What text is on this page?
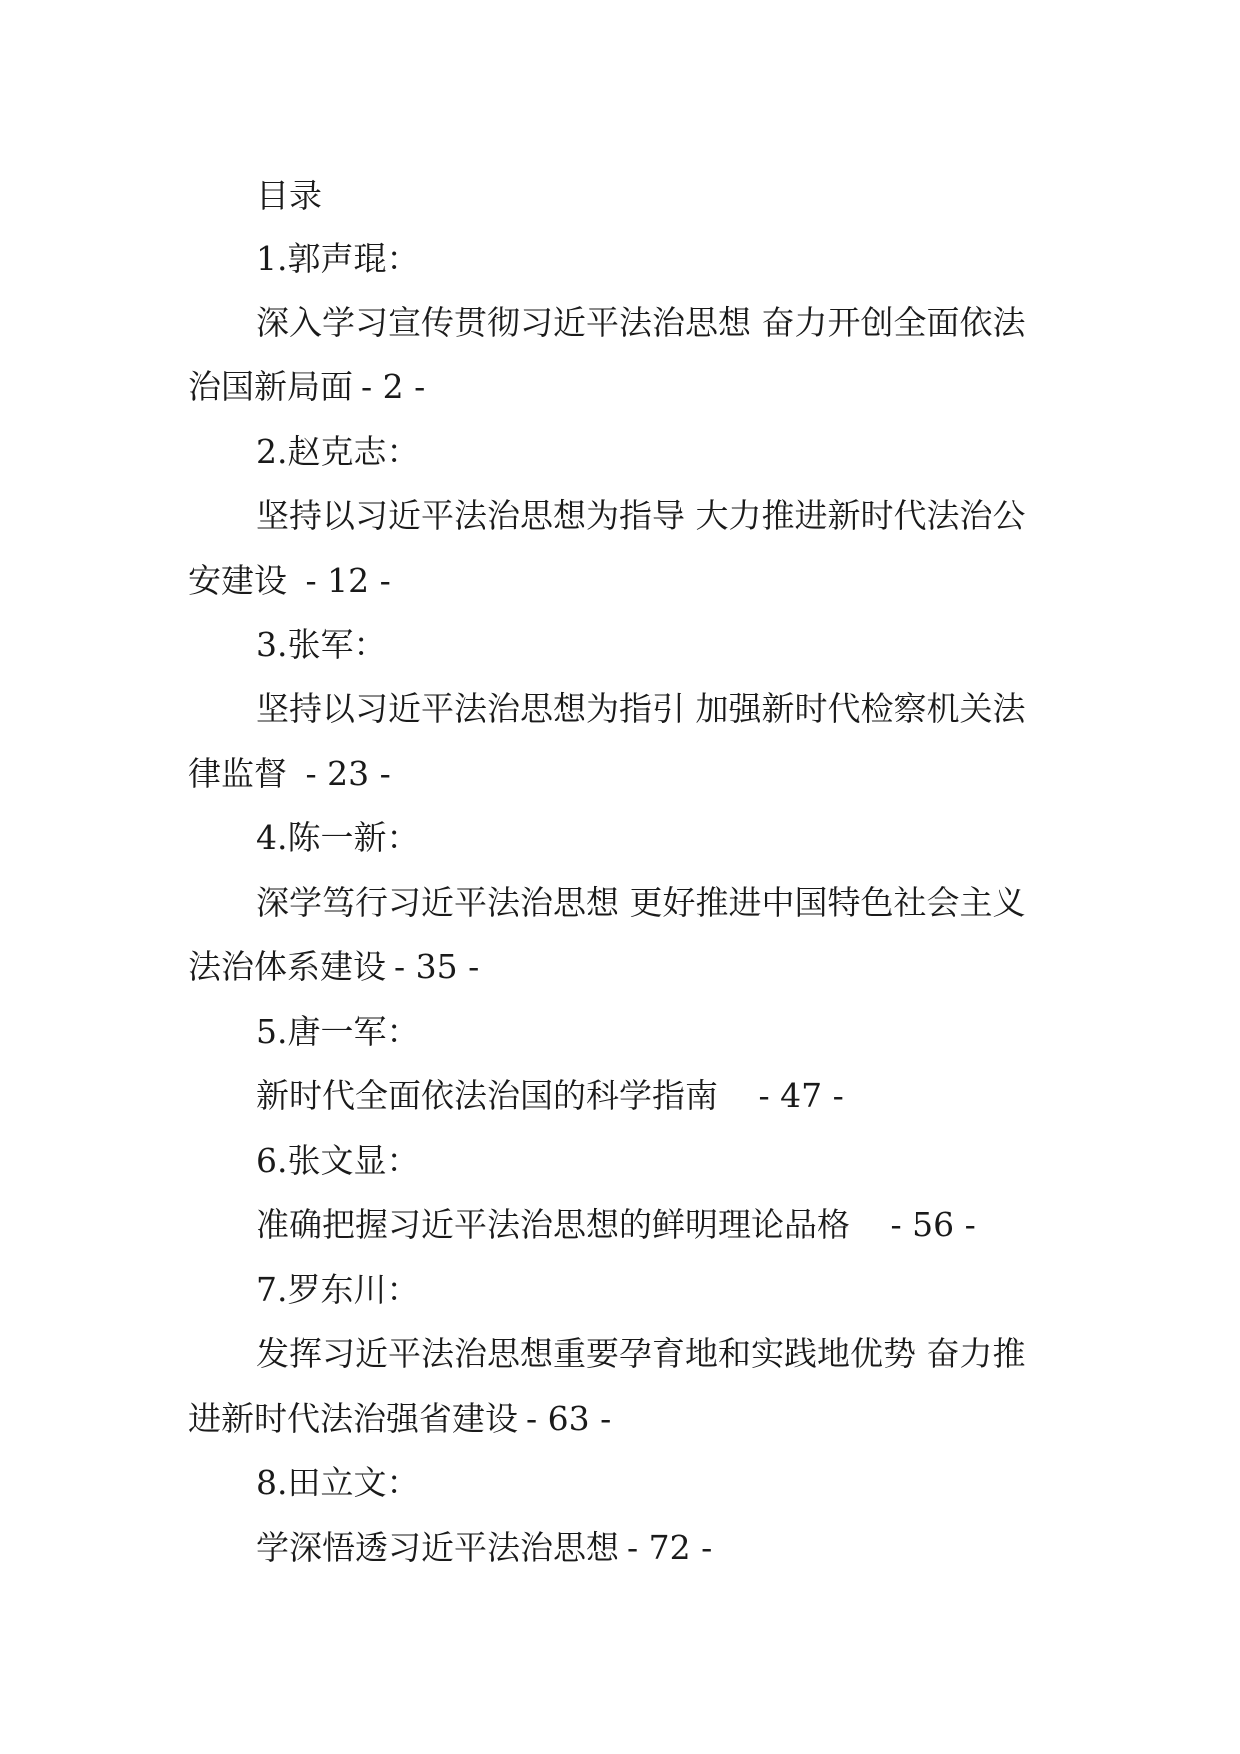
目录
1.郭声琨：
深入学习宣传贯彻习近平法治思想 奋力开创全面依法
治国新局面 - 2 -
2.赵克志：
坚持以习近平法治思想为指导 大力推进新时代法治公
安建设 - 12 -
3.张军：
坚持以习近平法治思想为指引 加强新时代检察机关法
律监督 - 23 -
4.陈一新：
深学笃行习近平法治思想 更好推进中国特色社会主义
法治体系建设 - 35 -
5.唐一军：
新时代全面依法治国的科学指南 - 47 -
6.张文显：
准确把握习近平法治思想的鲜明理论品格 - 56 -
7.罗东川：
发挥习近平法治思想重要孕育地和实践地优势 奋力推
进新时代法治强省建设 - 63 -
8.田立文：
学深悟透习近平法治思想 - 72 -
